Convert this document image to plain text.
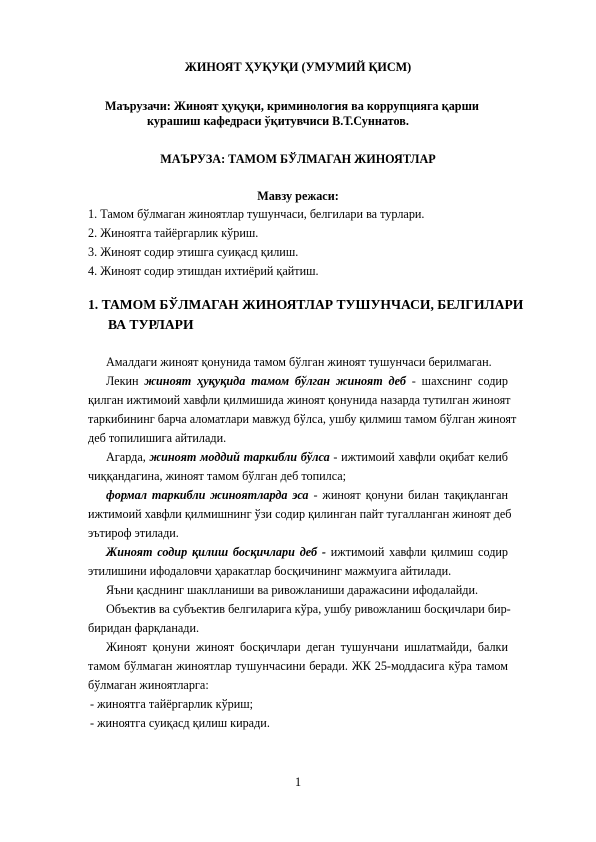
ЖИНОЯТ ҲУҚУҚИ (УМУМИЙ ҚИСМ)
Маърузачи: Жиноят ҳуқуқи, криминология ва коррупцияга қарши
курашиш кафедраси ўқитувчиси В.Т.Суннатов.
МАЪРУЗА: ТАМОМ БЎЛМАГАН ЖИНОЯТЛАР
Мавзу режаси:
1. Тамом бўлмаган жиноятлар тушунчаси, белгилари ва турлари.
2. Жиноятга тайёргарлик кўриш.
3. Жиноят содир этишга суиқасд қилиш.
4. Жиноят содир этишдан ихтиёрий қайтиш.
1. ТАМОМ БЎЛМАГАН ЖИНОЯТЛАР ТУШУНЧАСИ, БЕЛГИЛАРИ
ВА ТУРЛАРИ
Амалдаги жиноят қонунида тамом бўлган жиноят тушунчаси берилмаган.
Лекин жиноят ҳуқуқида тамом бўлган жиноят деб - шахснинг содир
қилган ижтимоий хавфли қилмишида жиноят қонунида назарда тутилган жиноят
таркибининг барча аломатлари мавжуд бўлса, ушбу қилмиш тамом бўлган жиноят
деб топилишига айтилади.
Агарда, жиноят моддий таркибли бўлса - ижтимоий хавфли оқибат келиб
чиққандагина, жиноят тамом бўлган деб топилса;
формал таркибли жиноятларда эса - жиноят қонуни билан тақиқланган
ижтимоий хавфли қилмишнинг ўзи содир қилинган пайт тугалланган жиноят деб
эътироф этилади.
Жиноят содир қилиш босқичлари деб - ижтимоий хавфли қилмиш содир
этилишини ифодаловчи ҳаракатлар босқичининг мажмуига айтилади.
Яъни қасднинг шаклланиши ва ривожланиши даражасини ифодалайди.
Объектив ва субъектив белгиларига кўра, ушбу ривожланиш босқичлари бир-
биридан фарқланади.
Жиноят қонуни жиноят босқичлари деган тушунчани ишлатмайди, балки
тамом бўлмаган жиноятлар тушунчасини беради. ЖК 25-моддасига кўра тамом
бўлмаган жиноятларга:
- жиноятга тайёргарлик кўриш;
- жиноятга суиқасд қилиш киради.
1
